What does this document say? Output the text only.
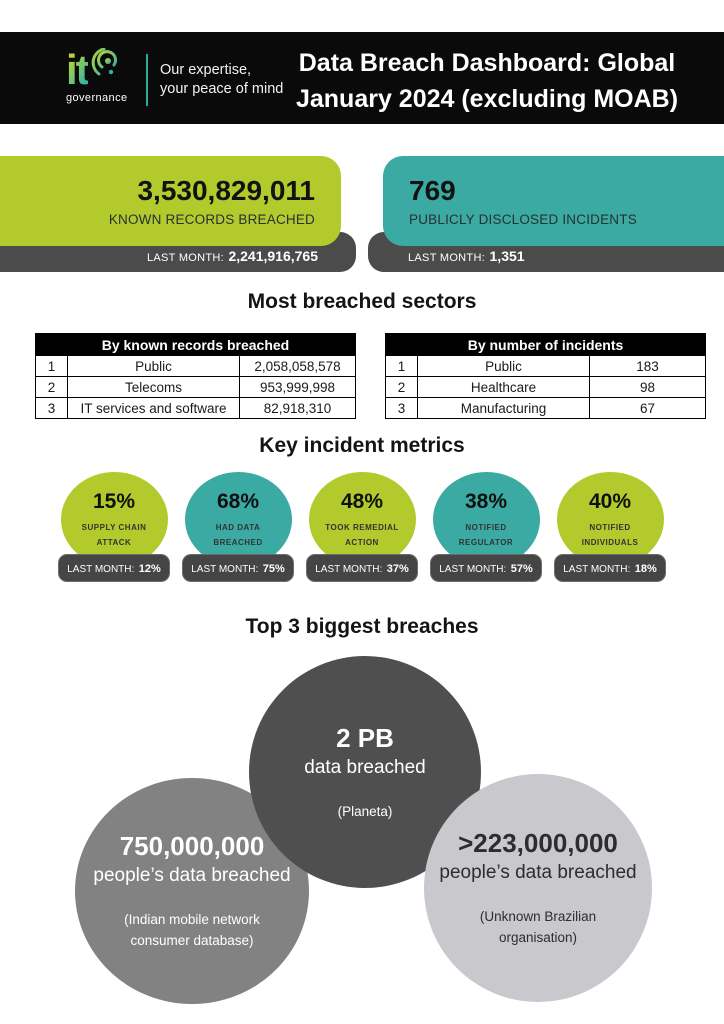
it
governance
Our expertise,
your peace of mind
Data Breach Dashboard: Global
January 2024 (excluding MOAB)
LAST MONTH: 2,241,916,765
3,530,829,011
KNOWN RECORDS BREACHED
LAST MONTH: 1,351
769
PUBLICLY DISCLOSED INCIDENTS
Most breached sectors
By known records breached		
1	Public	2,058,058,578
2	Telecoms	953,999,998
3	IT services and software	82,918,310
By number of incidents		
1	Public	183
2	Healthcare	98
3	Manufacturing	67
Key incident metrics
15%
SUPPLY CHAIN
ATTACK
LAST MONTH: 12%
68%
HAD DATA
BREACHED
LAST MONTH: 75%
48%
TOOK REMEDIAL
ACTION
LAST MONTH: 37%
38%
NOTIFIED
REGULATOR
LAST MONTH: 57%
40%
NOTIFIED
INDIVIDUALS
LAST MONTH: 18%
Top 3 biggest breaches
750,000,000
people’s data breached
(Indian mobile network
consumer database)
2 PB
data breached
(Planeta)
>223,000,000
people’s data breached
(Unknown Brazilian
organisation)
